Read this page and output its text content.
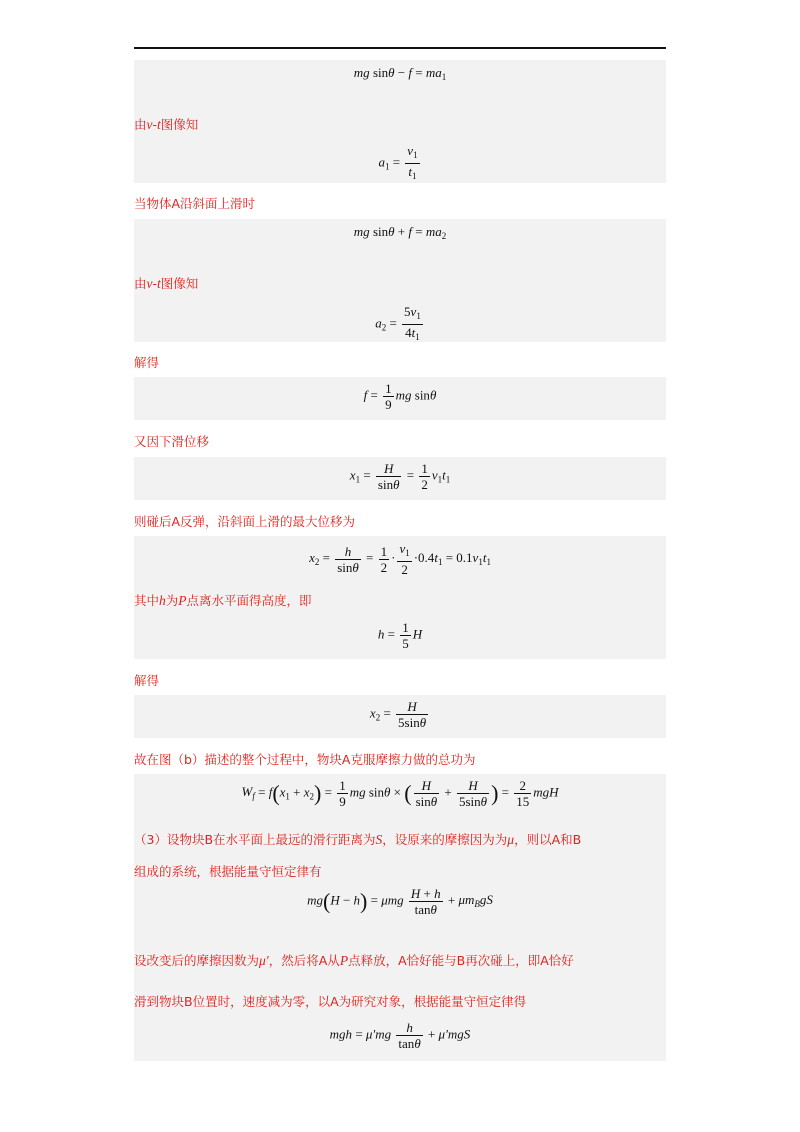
mg $\sin\theta - f = ma_1$
$a_1 = \frac{v_1}{t_1}$
由v-t图像知
当物体A沿斜面上滑时
mg $\sin\theta + f = ma_2$
$a_2 = \frac{5v_1}{4t_1}$
由v-t图像知
解得
$f = \frac{1}{9}$ mg sinθ
又因下滑位移
$x_1 = \frac{H}{\sin\theta} = \frac{1}{2} v_1t_1$
则碰后A反弹，沿斜面上滑的最大位移为
$x_2 = \frac{h}{\sin\theta} = \frac{1}{2} \cdot \frac{v_1}{2} \cdot 0.4t_1 = 0.1v_1t_1$
$h = \frac{1}{5}$ H
其中h为P点离水平面得高度，即
解得
$x_2 = \frac{H}{5\sin\theta}$
故在图（b）描述的整个过程中，物块A克服摩擦力做的总功为
$W_f = f(x_1 + x_2) = \frac{1}{9}$ mg sinθ × ( $\frac{H}{\sin\theta} + \frac{H}{5\sin\theta}$ ) = $\frac{2}{15}$ mgH
mg(H − h) = μmg $\frac{H + h}{\tan\theta} + \mu m_BgS$
mgh = $\mu'mg \frac{h}{\tan\theta} + \mu'mgS$
（3）设物块B在水平面上最远的滑行距离为S，设原来的摩擦因为为μ，则以A和B
组成的系统，根据能量守恒定律有
设改变后的摩擦因数为μ′，然后将A从P点释放，A恰好能与B再次碰上，即A恰好
滑到物块B位置时，速度减为零，以A为研究对象，根据能量守恒定律得
